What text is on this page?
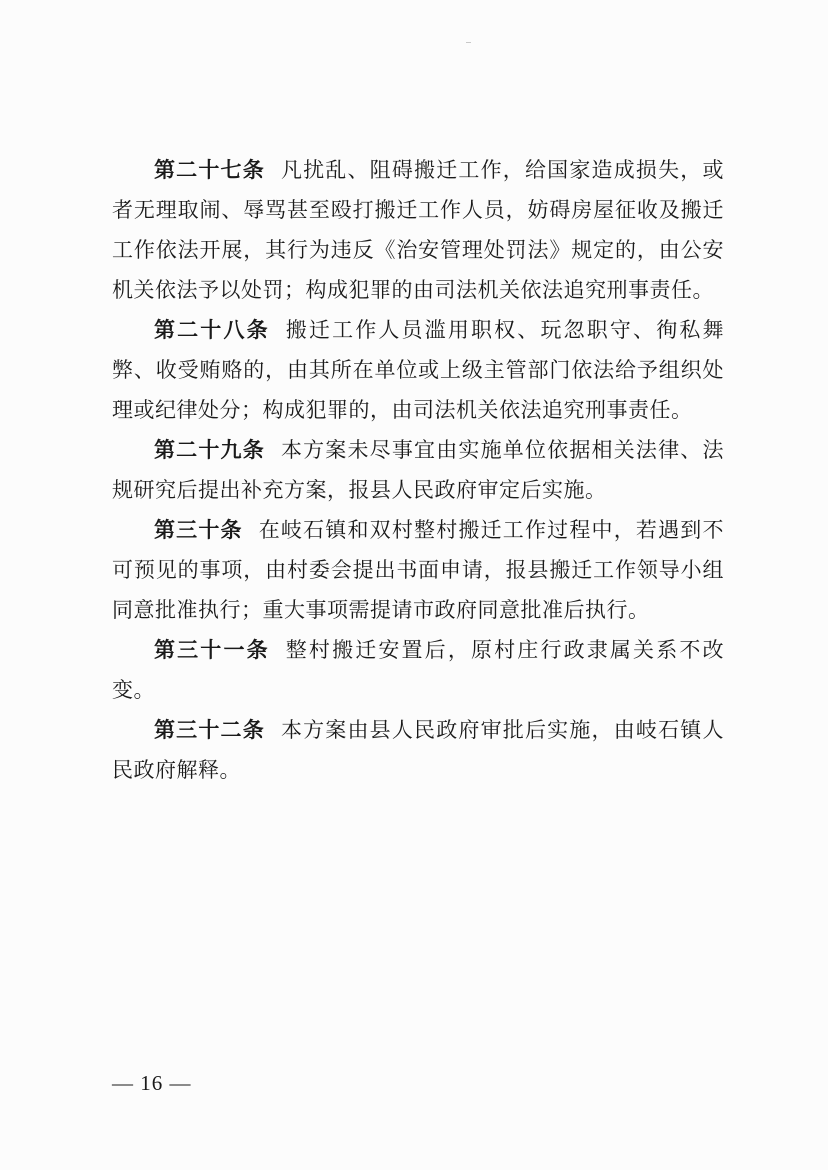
第二十七条 凡扰乱、阻碍搬迁工作，给国家造成损失，或者无理取闹、辱骂甚至殴打搬迁工作人员，妨碍房屋征收及搬迁工作依法开展，其行为违反《治安管理处罚法》规定的，由公安机关依法予以处罚；构成犯罪的由司法机关依法追究刑事责任。

第二十八条 搬迁工作人员滥用职权、玩忽职守、徇私舞弊、收受贿赂的，由其所在单位或上级主管部门依法给予组织处理或纪律处分；构成犯罪的，由司法机关依法追究刑事责任。

第二十九条 本方案未尽事宜由实施单位依据相关法律、法规研究后提出补充方案，报县人民政府审定后实施。

第三十条 在岐石镇和双村整村搬迁工作过程中，若遇到不可预见的事项，由村委会提出书面申请，报县搬迁工作领导小组同意批准执行；重大事项需提请市政府同意批准后执行。

第三十一条 整村搬迁安置后，原村庄行政隶属关系不改变。

第三十二条 本方案由县人民政府审批后实施，由岐石镇人民政府解释。

— 16 —
